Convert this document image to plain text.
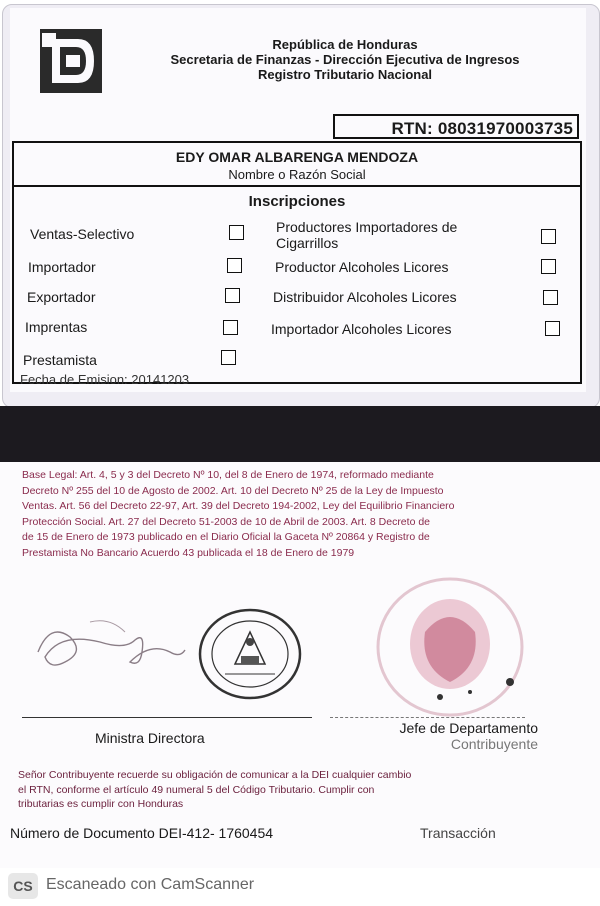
República de Honduras
Secretaria de Finanzas - Dirección Ejecutiva de Ingresos
Registro Tributario Nacional
RTN: 08031970003735
EDY OMAR ALBARENGA MENDOZA
Nombre o Razón Social
Inscripciones
Ventas-Selectivo
Importador
Exportador
Imprentas
Prestamista
Productores Importadores de Cigarrillos
Productor Alcoholes Licores
Distribuidor Alcoholes Licores
Importador Alcoholes Licores
Fecha de Emision: 20141203
Base Legal: Art. 4, 5 y 3 del Decreto Nº 10, del 8 de Enero de 1974, reformado mediante
Decreto Nº 255 del 10 de Agosto de 2002. Art. 10 del Decreto Nº 25 de la Ley de Impuesto
Ventas. Art. 56 del Decreto 22-97, Art. 39 del Decreto 194-2002, Ley del Equilibrio Financiero
Protección Social. Art. 27 del Decreto 51-2003 de 10 de Abril de 2003. Art. 8 Decreto de
de 15 de Enero de 1973 publicado en el Diario Oficial la Gaceta Nº 20864 y Registro de
Prestamista No Bancario Acuerdo 43 publicada el 18 de Enero de 1979
Ministra Directora
Jefe de Departamento
Contribuyente
Señor Contribuyente recuerde su obligación de comunicar a la DEI cualquier cambio
el RTN, conforme el artículo 49 numeral 5 del Código Tributario. Cumplir con
tributarias es cumplir con Honduras
Número de Documento DEI-412- 1760454	Transacción
CS Escaneado con CamScanner
